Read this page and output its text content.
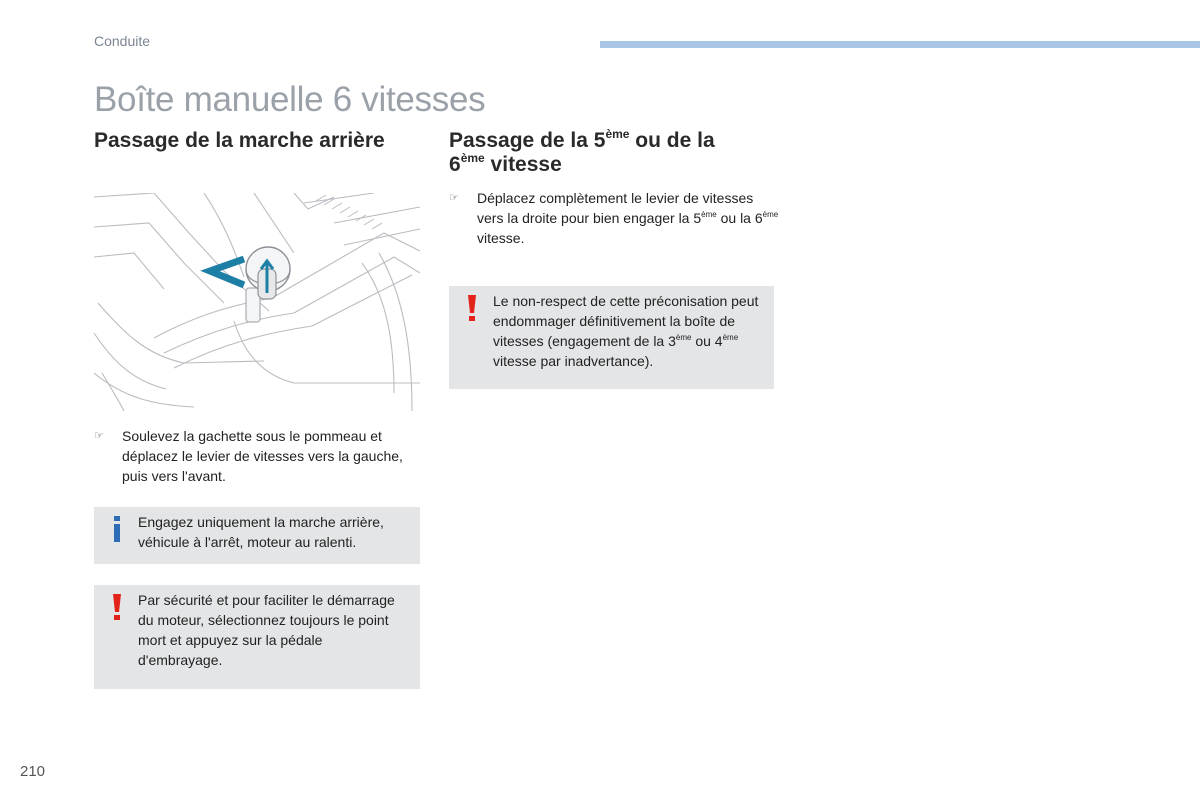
Conduite
Boîte manuelle 6 vitesses
Passage de la marche arrière	Passage de la 5ème ou de la
6ème vitesse
☞	Soulevez la gachette sous le pommeau et déplacez le levier de vitesses vers la gauche, puis vers l'avant.
☞	Déplacez complètement le levier de vitesses vers la droite pour bien engager la 5ème ou la 6ème vitesse.
Engagez uniquement la marche arrière, véhicule à l'arrêt, moteur au ralenti.
Par sécurité et pour faciliter le démarrage du moteur, sélectionnez toujours le point mort et appuyez sur la pédale d'embrayage.
Le non-respect de cette préconisation peut endommager définitivement la boîte de vitesses (engagement de la 3ème ou 4ème vitesse par inadvertance).
210
